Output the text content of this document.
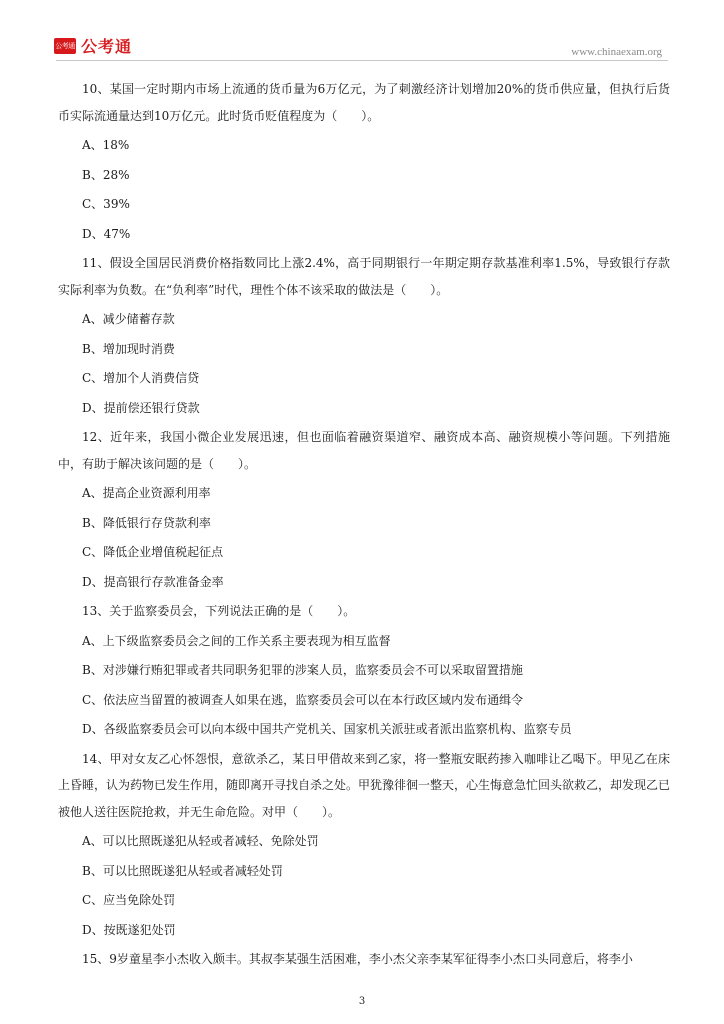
公考通 公考通	www.chinaexam.org

10、某国一定时期内市场上流通的货币量为6万亿元，为了刺激经济计划增加20%的货币供应量，但执行后货币实际流通量达到10万亿元。此时货币贬值程度为（　　）。

A、18%

B、28%

C、39%

D、47%

11、假设全国居民消费价格指数同比上涨2.4%，高于同期银行一年期定期存款基准利率1.5%，导致银行存款实际利率为负数。在“负利率”时代，理性个体不该采取的做法是（　　）。

A、减少储蓄存款

B、增加现时消费

C、增加个人消费信贷

D、提前偿还银行贷款

12、近年来，我国小微企业发展迅速，但也面临着融资渠道窄、融资成本高、融资规模小等问题。下列措施中，有助于解决该问题的是（　　）。

A、提高企业资源利用率

B、降低银行存贷款利率

C、降低企业增值税起征点

D、提高银行存款准备金率

13、关于监察委员会，下列说法正确的是（　　）。

A、上下级监察委员会之间的工作关系主要表现为相互监督

B、对涉嫌行贿犯罪或者共同职务犯罪的涉案人员，监察委员会不可以采取留置措施

C、依法应当留置的被调查人如果在逃，监察委员会可以在本行政区域内发布通缉令

D、各级监察委员会可以向本级中国共产党机关、国家机关派驻或者派出监察机构、监察专员

14、甲对女友乙心怀怨恨，意欲杀乙，某日甲借故来到乙家，将一整瓶安眠药掺入咖啡让乙喝下。甲见乙在床上昏睡，认为药物已发生作用，随即离开寻找自杀之处。甲犹豫徘徊一整天，心生悔意急忙回头欲救乙，却发现乙已被他人送往医院抢救，并无生命危险。对甲（　　）。

A、可以比照既遂犯从轻或者减轻、免除处罚

B、可以比照既遂犯从轻或者减轻处罚

C、应当免除处罚

D、按既遂犯处罚

15、9岁童星李小杰收入颇丰。其叔李某强生活困难，李小杰父亲李某军征得李小杰口头同意后，将李小

3
